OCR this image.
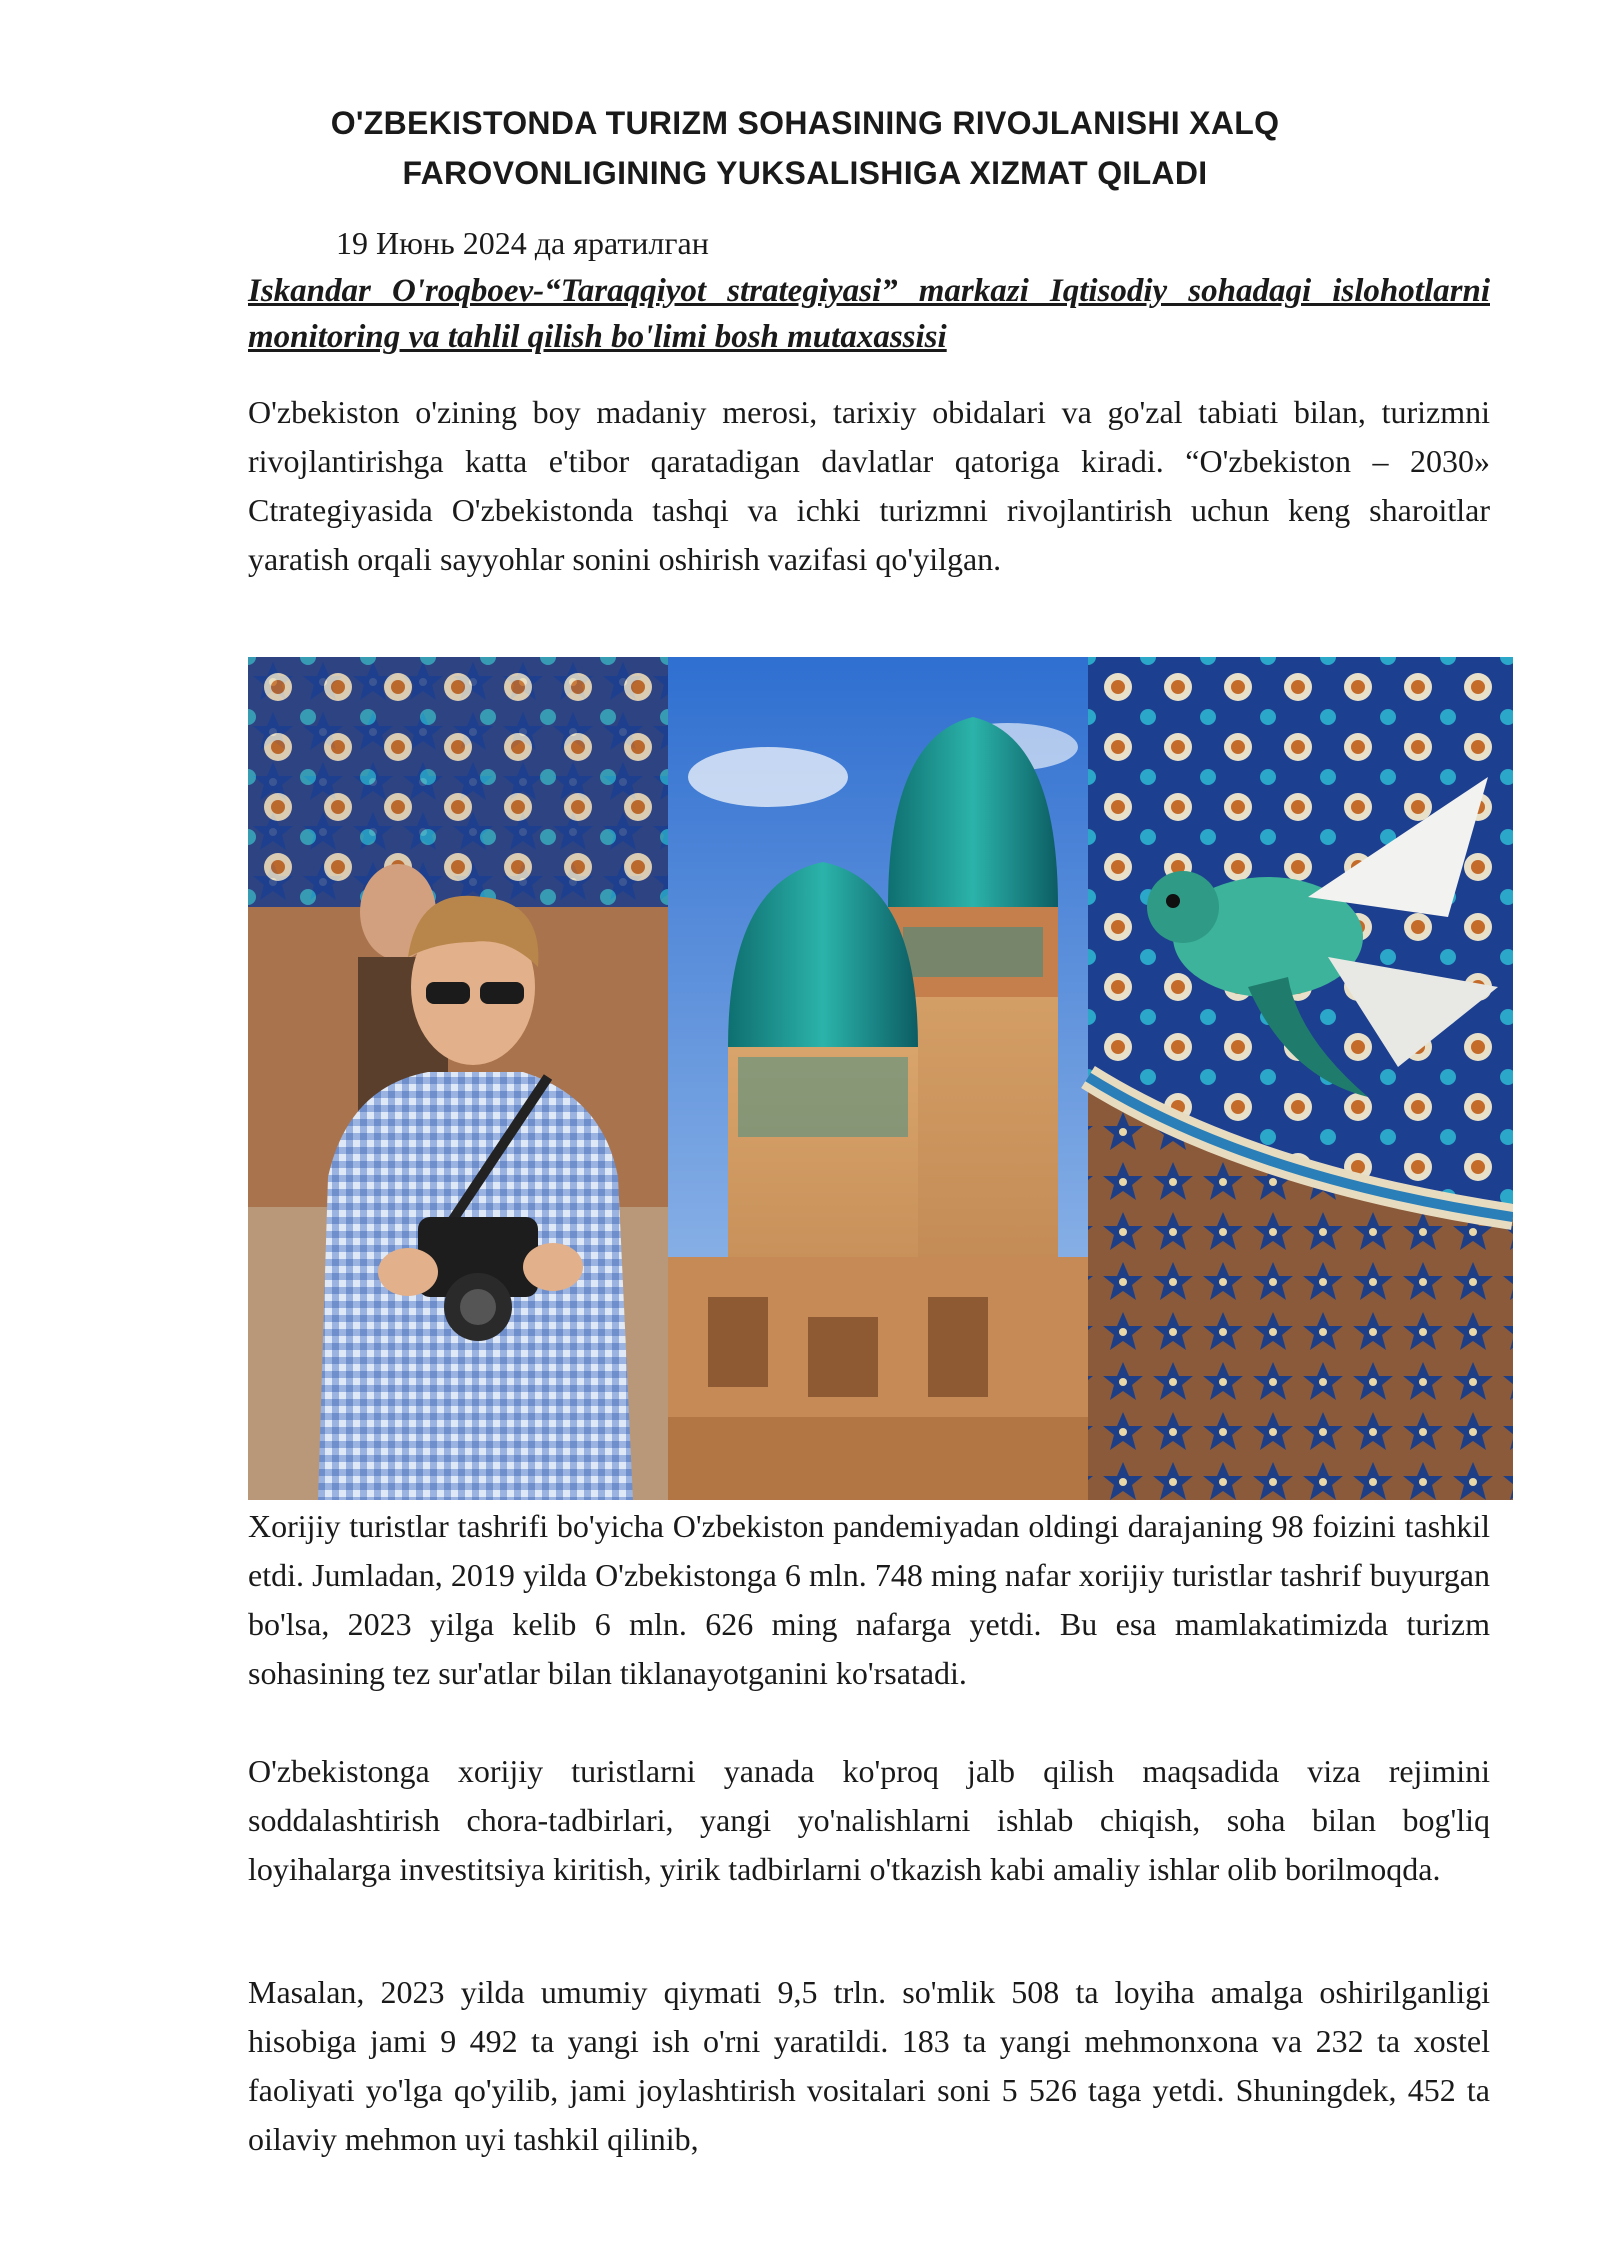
O'ZBEKISTONDA TURIZM SOHASINING RIVOJLANISHI XALQ
FAROVONLIGINING YUKSALISHIGA XIZMAT QILADI
19 Июнь 2024 да яратилган
Iskandar O'roqboev-“Taraqqiyot strategiyasi” markazi Iqtisodiy sohadagi islohotlarni monitoring va tahlil qilish bo'limi bosh mutaxassisi

O'zbekiston o'zining boy madaniy merosi, tarixiy obidalari va go'zal tabiati bilan, turizmni rivojlantirishga katta e'tibor qaratadigan davlatlar qatoriga kiradi. “O'zbekiston – 2030» Ctrategiyasida O'zbekistonda tashqi va ichki turizmni rivojlantirish uchun keng sharoitlar yaratish orqali sayyohlar sonini oshirish vazifasi qo'yilgan.

Xorijiy turistlar tashrifi bo'yicha O'zbekiston pandemiyadan oldingi darajaning 98 foizini tashkil etdi. Jumladan, 2019 yilda O'zbekistonga 6 mln. 748 ming nafar xorijiy turistlar tashrif buyurgan bo'lsa, 2023 yilga kelib 6 mln. 626 ming nafarga yetdi. Bu esa mamlakatimizda turizm sohasining tez sur'atlar bilan tiklanayotganini ko'rsatadi.

O'zbekistonga xorijiy turistlarni yanada ko'proq jalb qilish maqsadida viza rejimini soddalashtirish chora-tadbirlari, yangi yo'nalishlarni ishlab chiqish, soha bilan bog'liq loyihalarga investitsiya kiritish, yirik tadbirlarni o'tkazish kabi amaliy ishlar olib borilmoqda.

Masalan, 2023 yilda umumiy qiymati 9,5 trln. so'mlik 508 ta loyiha amalga oshirilganligi hisobiga jami 9 492 ta yangi ish o'rni yaratildi. 183 ta yangi mehmonxona va 232 ta xostel faoliyati yo'lga qo'yilib, jami joylashtirish vositalari soni 5 526 taga yetdi. Shuningdek, 452 ta oilaviy mehmon uyi tashkil qilinib,
